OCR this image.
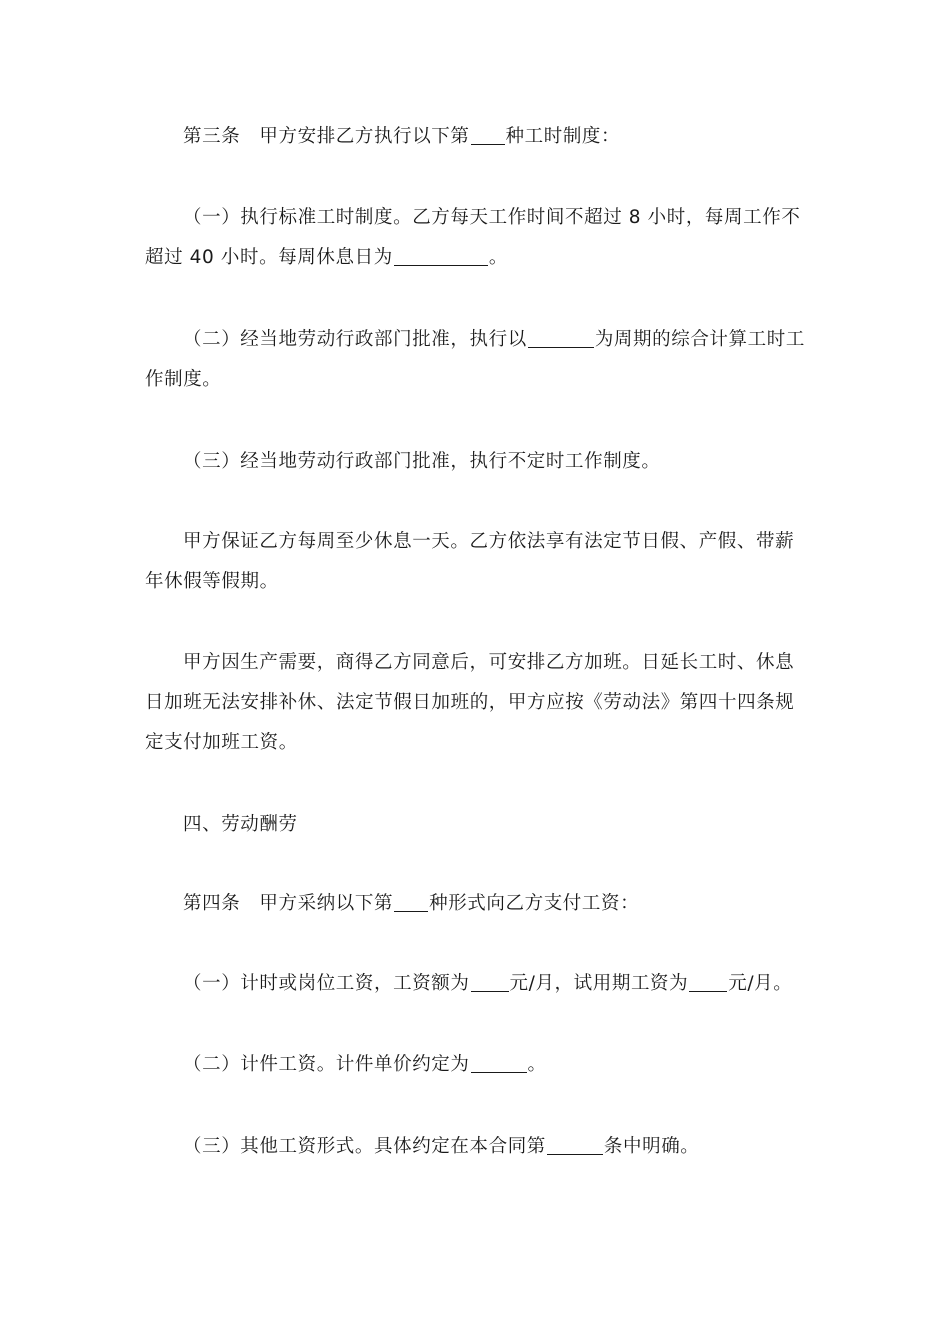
第三条　甲方安排乙方执行以下第 种工时制度：

（一）执行标准工时制度。乙方每天工作时间不超过 8 小时，每周工作不
超过 40 小时。每周休息日为	。

（二）经当地劳动行政部门批准，执行以	为周期的综合计算工时工
作制度。

（三）经当地劳动行政部门批准，执行不定时工作制度。

甲方保证乙方每周至少休息一天。乙方依法享有法定节日假、产假、带薪
年休假等假期。

甲方因生产需要，商得乙方同意后，可安排乙方加班。日延长工时、休息
日加班无法安排补休、法定节假日加班的，甲方应按《劳动法》第四十四条规
定支付加班工资。

四、劳动酬劳

第四条　甲方采纳以下第 种形式向乙方支付工资：

（一）计时或岗位工资，工资额为 元/月，试用期工资为 元/月。

（二）计件工资。计件单价约定为	。

（三）其他工资形式。具体约定在本合同第	条中明确。
